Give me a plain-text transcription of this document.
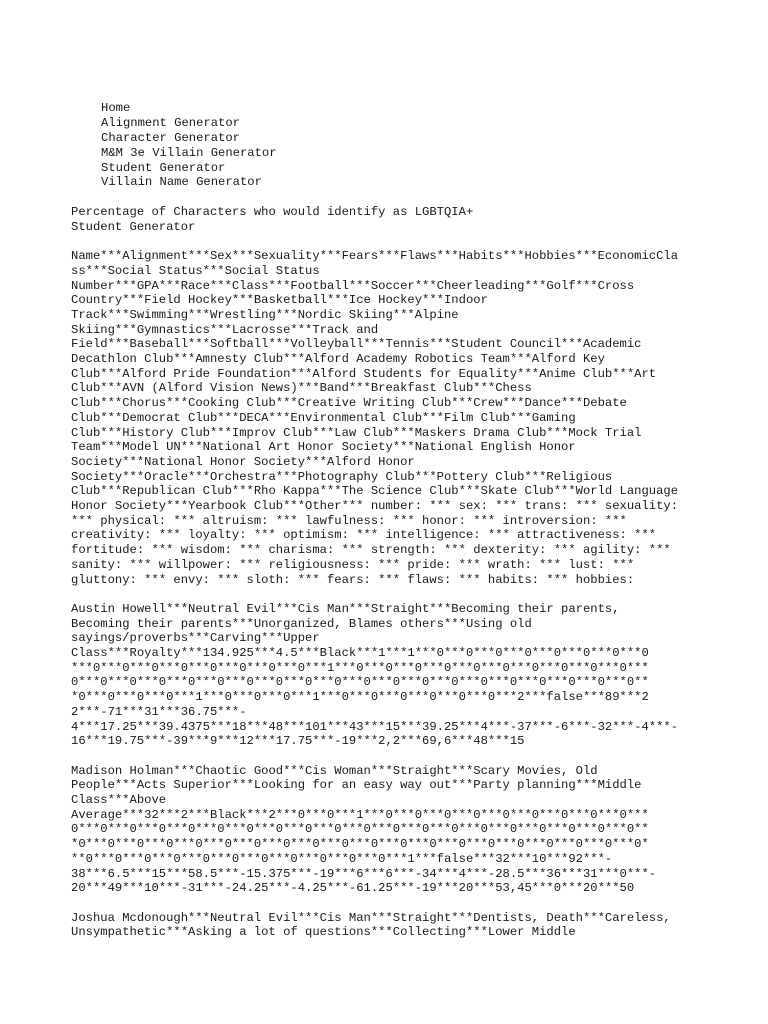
Home
Alignment Generator
Character Generator
M&M 3e Villain Generator
Student Generator
Villain Name Generator
Percentage of Characters who would identify as LGBTQIA+
Student Generator
Name***Alignment***Sex***Sexuality***Fears***Flaws***Habits***Hobbies***EconomicCla
ss***Social Status***Social Status
Number***GPA***Race***Class***Football***Soccer***Cheerleading***Golf***Cross
Country***Field Hockey***Basketball***Ice Hockey***Indoor
Track***Swimming***Wrestling***Nordic Skiing***Alpine
Skiing***Gymnastics***Lacrosse***Track and
Field***Baseball***Softball***Volleyball***Tennis***Student Council***Academic
Decathlon Club***Amnesty Club***Alford Academy Robotics Team***Alford Key
Club***Alford Pride Foundation***Alford Students for Equality***Anime Club***Art
Club***AVN (Alford Vision News)***Band***Breakfast Club***Chess
Club***Chorus***Cooking Club***Creative Writing Club***Crew***Dance***Debate
Club***Democrat Club***DECA***Environmental Club***Film Club***Gaming
Club***History Club***Improv Club***Law Club***Maskers Drama Club***Mock Trial
Team***Model UN***National Art Honor Society***National English Honor
Society***National Honor Society***Alford Honor
Society***Oracle***Orchestra***Photography Club***Pottery Club***Religious
Club***Republican Club***Rho Kappa***The Science Club***Skate Club***World Language
Honor Society***Yearbook Club***Other*** number: *** sex: *** trans: *** sexuality:
*** physical: *** altruism: *** lawfulness: *** honor: *** introversion: ***
creativity: *** loyalty: *** optimism: *** intelligence: *** attractiveness: ***
fortitude: *** wisdom: *** charisma: *** strength: *** dexterity: *** agility: ***
sanity: *** willpower: *** religiousness: *** pride: *** wrath: *** lust: ***
gluttony: *** envy: *** sloth: *** fears: *** flaws: *** habits: *** hobbies:
Austin Howell***Neutral Evil***Cis Man***Straight***Becoming their parents,
Becoming their parents***Unorganized, Blames others***Using old
sayings/proverbs***Carving***Upper
Class***Royalty***134.925***4.5***Black***1***1***0***0***0***0***0***0***0***0
***0***0***0***0***0***0***0***0***1***0***0***0***0***0***0***0***0***0***0***
0***0***0***0***0***0***0***0***0***0***0***0***0***0***0***0***0***0***0***0**
*0***0***0***0***1***0***0***0***1***0***0***0***0***0***0***2***false***89***2
2***-71***31***36.75***-
4***17.25***39.4375***18***48***101***43***15***39.25***4***-37***-6***-32***-4***-
16***19.75***-39***9***12***17.75***-19***2,2***69,6***48***15
Madison Holman***Chaotic Good***Cis Woman***Straight***Scary Movies, Old
People***Acts Superior***Looking for an easy way out***Party planning***Middle
Class***Above
Average***32***2***Black***2***0***0***1***0***0***0***0***0***0***0***0***0***
0***0***0***0***0***0***0***0***0***0***0***0***0***0***0***0***0***0***0***0**
*0***0***0***0***0***0***0***0***0***0***0***0***0***0***0***0***0***0***0***0*
**0***0***0***0***0***0***0***0***0***0***0***1***false***32***10***92***-
38***6.5***15***58.5***-15.375***-19***6***6***-34***4***-28.5***36***31***0***-
20***49***10***-31***-24.25***-4.25***-61.25***-19***20***53,45***0***20***50
Joshua Mcdonough***Neutral Evil***Cis Man***Straight***Dentists, Death***Careless,
Unsympathetic***Asking a lot of questions***Collecting***Lower Middle
